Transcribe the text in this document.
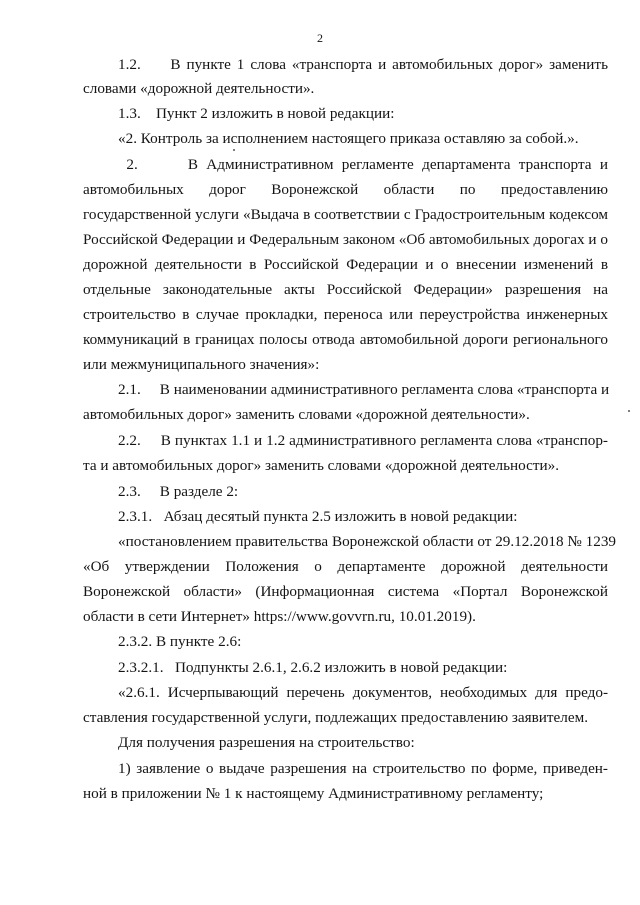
2
1.2.     В пункте 1 слова «транспорта и автомобильных дорог» заменить
словами «дорожной деятельности».
1.3.    Пункт 2 изложить в новой редакции:
«2. Контроль за исполнением настоящего приказа оставляю за собой.».
2.      В Административном регламенте департамента транспорта и
автомобильных дорог Воронежской области по предоставлению
государственной услуги «Выдача в соответствии с Градостроительным кодексом
Российской Федерации и Федеральным законом «Об автомобильных дорогах и о
дорожной деятельности в Российской Федерации и о внесении изменений в
отдельные законодательные акты Российской Федерации» разрешения на
строительство в случае прокладки, переноса или переустройства инженерных
коммуникаций в границах полосы отвода автомобильной дороги регионального
или межмуниципального значения»:
2.1.     В наименовании административного регламента слова «транспорта и
автомобильных дорог» заменить словами «дорожной деятельности».
2.2.     В пунктах 1.1 и 1.2 административного регламента слова «транспор-
та и автомобильных дорог» заменить словами «дорожной деятельности».
2.3.     В разделе 2:
2.3.1.   Абзац десятый пункта 2.5 изложить в новой редакции:
«постановлением правительства Воронежской области от 29.12.2018 № 1239
«Об утверждении Положения о департаменте дорожной деятельности
Воронежской области» (Информационная система «Портал Воронежской
области в сети Интернет» https://www.govvrn.ru, 10.01.2019).
2.3.2. В пункте 2.6:
2.3.2.1.   Подпункты 2.6.1, 2.6.2 изложить в новой редакции:
«2.6.1. Исчерпывающий перечень документов, необходимых для предо-
ставления государственной услуги, подлежащих предоставлению заявителем.
Для получения разрешения на строительство:
1) заявление о выдаче разрешения на строительство по форме, приведен-
ной в приложении № 1 к настоящему Административному регламенту;
